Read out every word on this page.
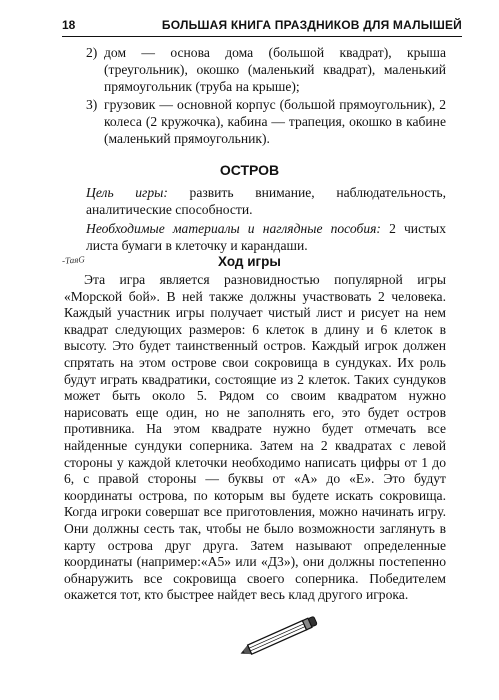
18	БОЛЬШАЯ КНИГА ПРАЗДНИКОВ ДЛЯ МАЛЫШЕЙ
2) дом — основа дома (большой квадрат), крыша (треугольник), окошко (маленький квадрат), маленький прямоугольник (труба на крыше);
3) грузовик — основной корпус (большой прямоугольник), 2 колеса (2 кружочка), кабина — трапеция, окошко в кабине (маленький прямоугольник).
ОСТРОВ
Цель игры: развить внимание, наблюдательность, аналитические способности.
Необходимые материалы и наглядные пособия: 2 чистых листа бумаги в клеточку и карандаши.
-ТаяG	Ход игры

Эта игра является разновидностью популярной игры «Морской бой». В ней также должны участвовать 2 человека. Каждый участник игры получает чистый лист и рисует на нем квадрат следующих размеров: 6 клеток в длину и 6 клеток в высоту. Это будет таинственный остров. Каждый игрок должен спрятать на этом острове свои сокровища в сундуках. Их роль будут играть квадратики, состоящие из 2 клеток. Таких сундуков может быть около 5. Рядом со своим квадратом нужно нарисовать еще один, но не заполнять его, это будет остров противника. На этом квадрате нужно будет отмечать все найденные сундуки соперника. Затем на 2 квадратах с левой стороны у каждой клеточки необходимо написать цифры от 1 до 6, с правой стороны — буквы от «А» до «Е». Это будут координаты острова, по которым вы будете искать сокровища. Когда игроки совершат все приготовления, можно начинать игру. Они должны сесть так, чтобы не было возможности заглянуть в карту острова друг друга. Затем называют определенные координаты (например:«А5» или «Д3»), они должны постепенно обнаружить все сокровища своего соперника. Победителем окажется тот, кто быстрее найдет весь клад другого игрока.
